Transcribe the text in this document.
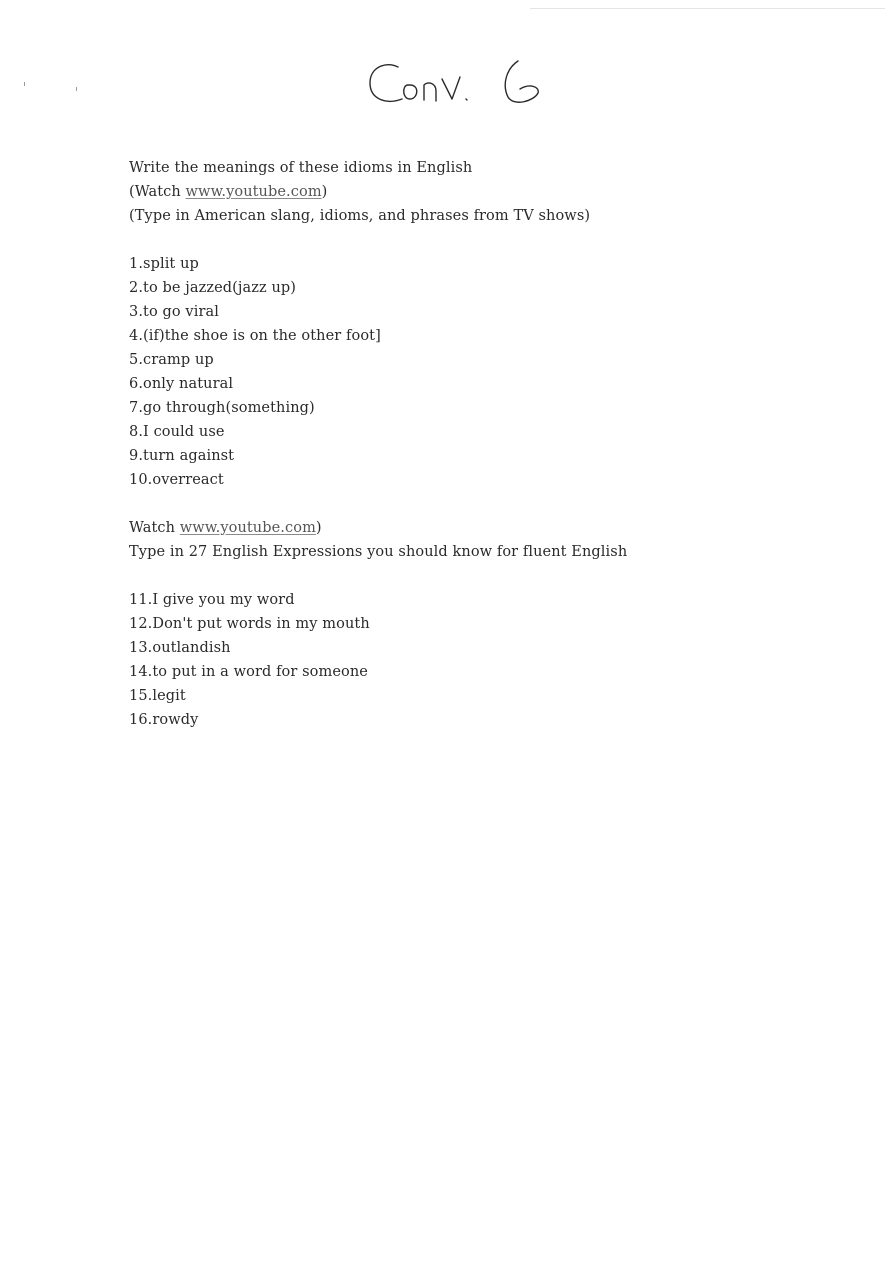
Write the meanings of these idioms in English
(Watch www.youtube.com)
(Type in American slang, idioms, and phrases from TV shows)
1.split up
2.to be jazzed(jazz up)
3.to go viral
4.(if)the shoe is on the other foot]
5.cramp up
6.only natural
7.go through(something)
8.I could use
9.turn against
10.overreact
Watch www.youtube.com)
Type in 27 English Expressions you should know for fluent English
11.I give you my word
12.Don't put words in my mouth
13.outlandish
14.to put in a word for someone
15.legit
16.rowdy
